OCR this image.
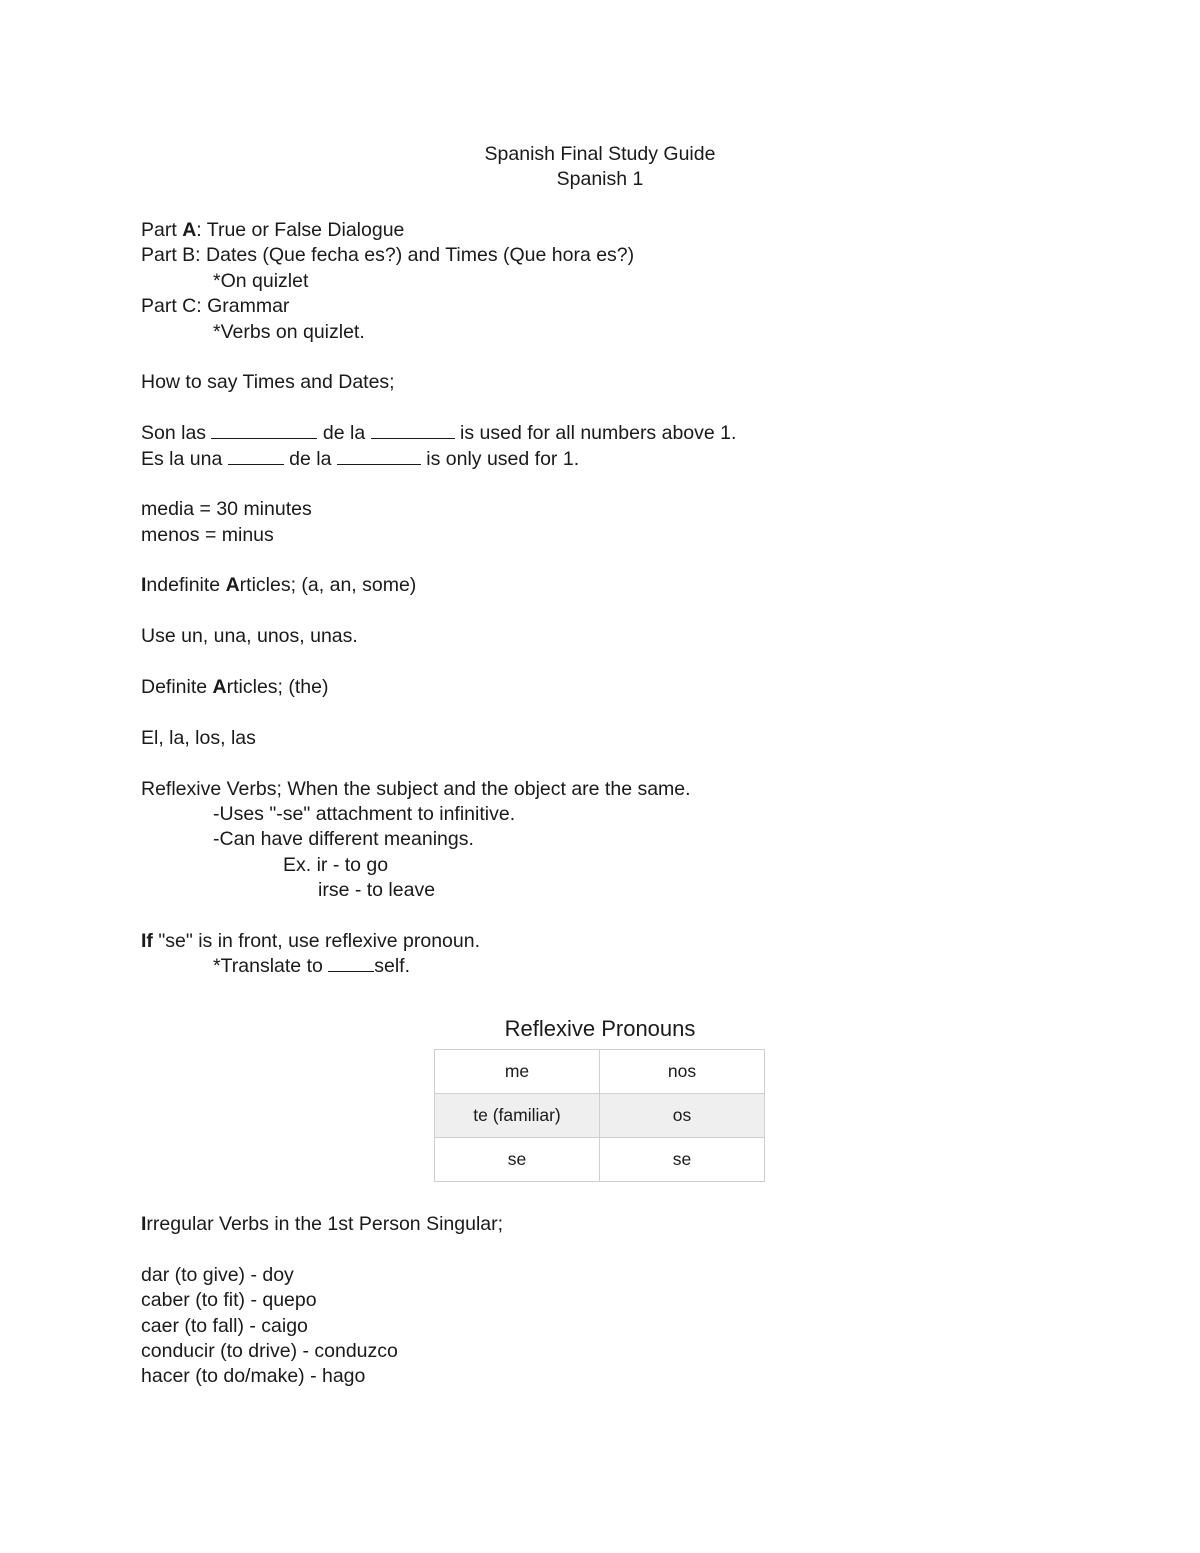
Spanish Final Study Guide
Spanish 1
Part A: True or False Dialogue
Part B: Dates (Que fecha es?) and Times (Que hora es?)
*On quizlet
Part C: Grammar
*Verbs on quizlet.
How to say Times and Dates;
Son las	de la	is used for all numbers above 1.
Es la una	de la	is only used for 1.
media = 30 minutes
menos = minus
Indefinite Articles; (a, an, some)
Use un, una, unos, unas.
Definite Articles; (the)
El, la, los, las
Reflexive Verbs; When the subject and the object are the same.
-Uses "-se" attachment to infinitive.
-Can have different meanings.
Ex. ir - to go
irse - to leave
If "se" is in front, use reflexive pronoun.
*Translate to self.
Reflexive Pronouns
me	nos
te (familiar)	os
se	se
Irregular Verbs in the 1st Person Singular;
dar (to give) - doy
caber (to fit) - quepo
caer (to fall) - caigo
conducir (to drive) - conduzco
hacer (to do/make) - hago
